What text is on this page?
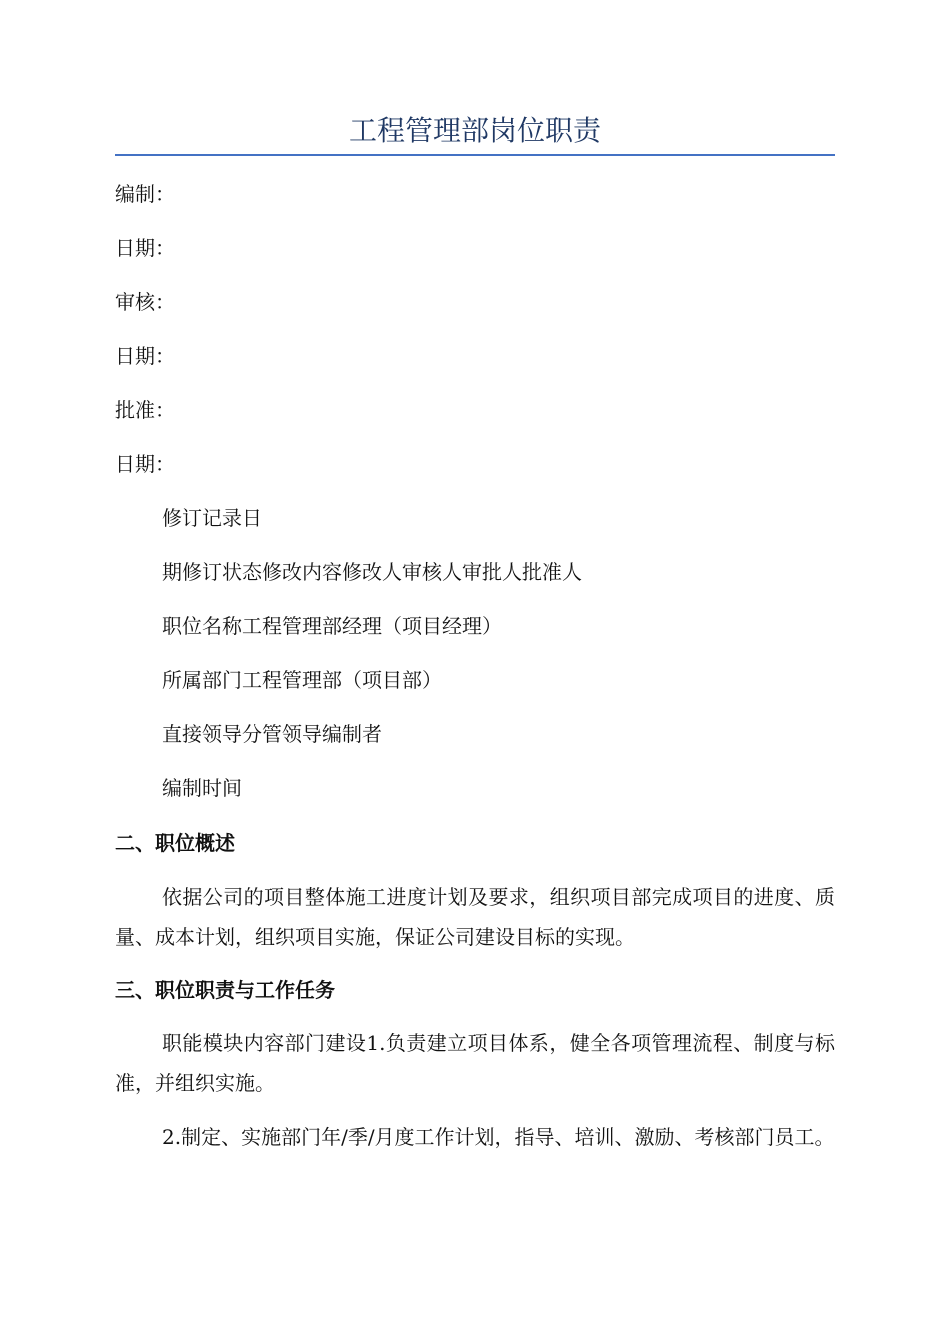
工程管理部岗位职责
编制：
日期：
审核：
日期：
批准：
日期：
修订记录日
期修订状态修改内容修改人审核人审批人批准人
职位名称工程管理部经理（项目经理）
所属部门工程管理部（项目部）
直接领导分管领导编制者
编制时间
二、职位概述
依据公司的项目整体施工进度计划及要求，组织项目部完成项目的进度、质量、成本计划，组织项目实施，保证公司建设目标的实现。
三、职位职责与工作任务
职能模块内容部门建设1.负责建立项目体系，健全各项管理流程、制度与标准，并组织实施。
2.制定、实施部门年/季/月度工作计划，指导、培训、激励、考核部门员工。
